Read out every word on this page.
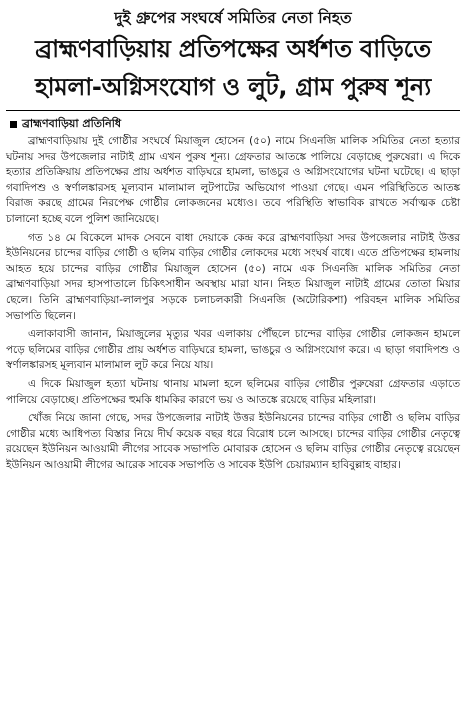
দুই গ্রুপের সংঘর্ষে সমিতির নেতা নিহত
ব্রাহ্মণবাড়িয়ায় প্রতিপক্ষের অর্ধশত বাড়িতে
হামলা-অগ্নিসংযোগ ও লুট, গ্রাম পুরুষ শূন্য
ব্রাহ্মণবাড়িয়া প্রতিনিধি

ব্রাহ্মণবাড়িয়ায় দুই গোষ্ঠীর সংঘর্ষে মিয়াজুল হোসেন (৫০) নামে সিএনজি মালিক সমিতির নেতা হত্যার ঘটনায় সদর উপজেলার নাটাই গ্রাম এখন পুরুষ শূন্য। গ্রেফতার আতঙ্কে পালিয়ে বেড়াচ্ছে পুরুষেরা। এ দিকে হত্যার প্রতিক্রিয়ায় প্রতিপক্ষের প্রায় অর্ধশত বাড়িঘরে হামলা, ভাঙচুর ও অগ্নিসংযোগের ঘটনা ঘটেছে। এ ছাড়া গবাদিপশু ও স্বর্ণালঙ্কারসহ মূল্যবান মালামাল লুটপাটের অভিযোগ পাওয়া গেছে। এমন পরিস্থিতিতে আতঙ্ক বিরাজ করছে গ্রামের নিরপেক্ষ গোষ্ঠীর লোকজনের মধ্যেও। তবে পরিস্থিতি স্বাভাবিক রাখতে সর্বাত্মক চেষ্টা চালানো হচ্ছে বলে পুলিশ জানিয়েছে।

গত ১৪ মে বিকেলে মাদক সেবনে বাধা দেয়াকে কেন্দ্র করে ব্রাহ্মণবাড়িয়া সদর উপজেলার নাটাই উত্তর ইউনিয়নের চান্দের বাড়ির গোষ্ঠী ও ছলিম বাড়ির গোষ্ঠীর লোকদের মধ্যে সংঘর্ষ বাধে। এতে প্রতিপক্ষের হামলায় আহত হয়ে চান্দের বাড়ির গোষ্ঠীর মিয়াজুল হোসেন (৫০) নামে এক সিএনজি মালিক সমিতির নেতা ব্রাহ্মণবাড়িয়া সদর হাসপাতালে চিকিৎসাধীন অবস্থায় মারা যান। নিহত মিয়াজুল নাটাই গ্রামের তোতা মিয়ার ছেলে। তিনি ব্রাহ্মণবাড়িয়া-লালপুর সড়কে চলাচলকারী সিএনজি (অটোরিকশা) পরিবহন মালিক সমিতির সভাপতি ছিলেন।

এলাকাবাসী জানান, মিয়াজুলের মৃত্যুর খবর এলাকায় পৌঁছলে চান্দের বাড়ির গোষ্ঠীর লোকজন হামলে পড়ে ছলিমের বাড়ির গোষ্ঠীর প্রায় অর্ধশত বাড়িঘরে হামলা, ভাঙচুর ও অগ্নিসংযোগ করে। এ ছাড়া গবাদিপশু ও স্বর্ণালঙ্কারসহ মূল্যবান মালামাল লুট করে নিয়ে যায়।

এ দিকে মিয়াজুল হত্যা ঘটনায় থানায় মামলা হলে ছলিমের বাড়ির গোষ্ঠীর পুরুষেরা গ্রেফতার এড়াতে পালিয়ে বেড়াচ্ছে। প্রতিপক্ষের হুমকি ধামকির কারণে ভয় ও আতঙ্কে রয়েছে বাড়ির মহিলারা।

খোঁজ নিয়ে জানা গেছে, সদর উপজেলার নাটাই উত্তর ইউনিয়নের চান্দের বাড়ির গোষ্ঠী ও ছলিম বাড়ির গোষ্ঠীর মধ্যে আধিপত্য বিস্তার নিয়ে দীর্ঘ কয়েক বছর ধরে বিরোধ চলে আসছে। চান্দের বাড়ির গোষ্ঠীর নেতৃত্বে রয়েছেন ইউনিয়ন আওয়ামী লীগের সাবেক সভাপতি মোবারক হোসেন ও ছলিম বাড়ির গোষ্ঠীর নেতৃত্বে রয়েছেন ইউনিয়ন আওয়ামী লীগের আরেক সাবেক সভাপতি ও সাবেক ইউপি চেয়ারম্যান হাবিবুল্লাহ বাহার।
